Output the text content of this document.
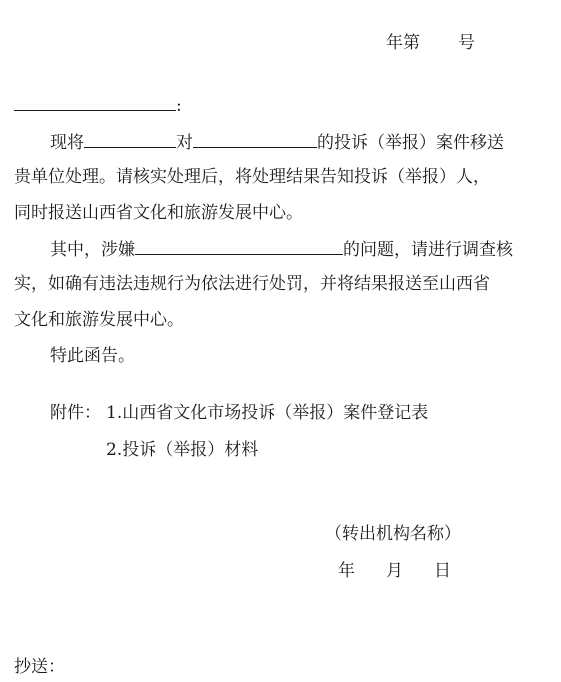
年第 号
:
现将	对	的投诉（举报）案件移送
贵单位处理。请核实处理后，将处理结果告知投诉（举报）人，
同时报送山西省文化和旅游发展中心。
其中，涉嫌	的问题，请进行调查核
实，如确有违法违规行为依法进行处罚，并将结果报送至山西省
文化和旅游发展中心。
特此函告。
附件： 1.山西省文化市场投诉（举报）案件登记表
2.投诉（举报）材料
（转出机构名称）
年 月 日
抄送：
